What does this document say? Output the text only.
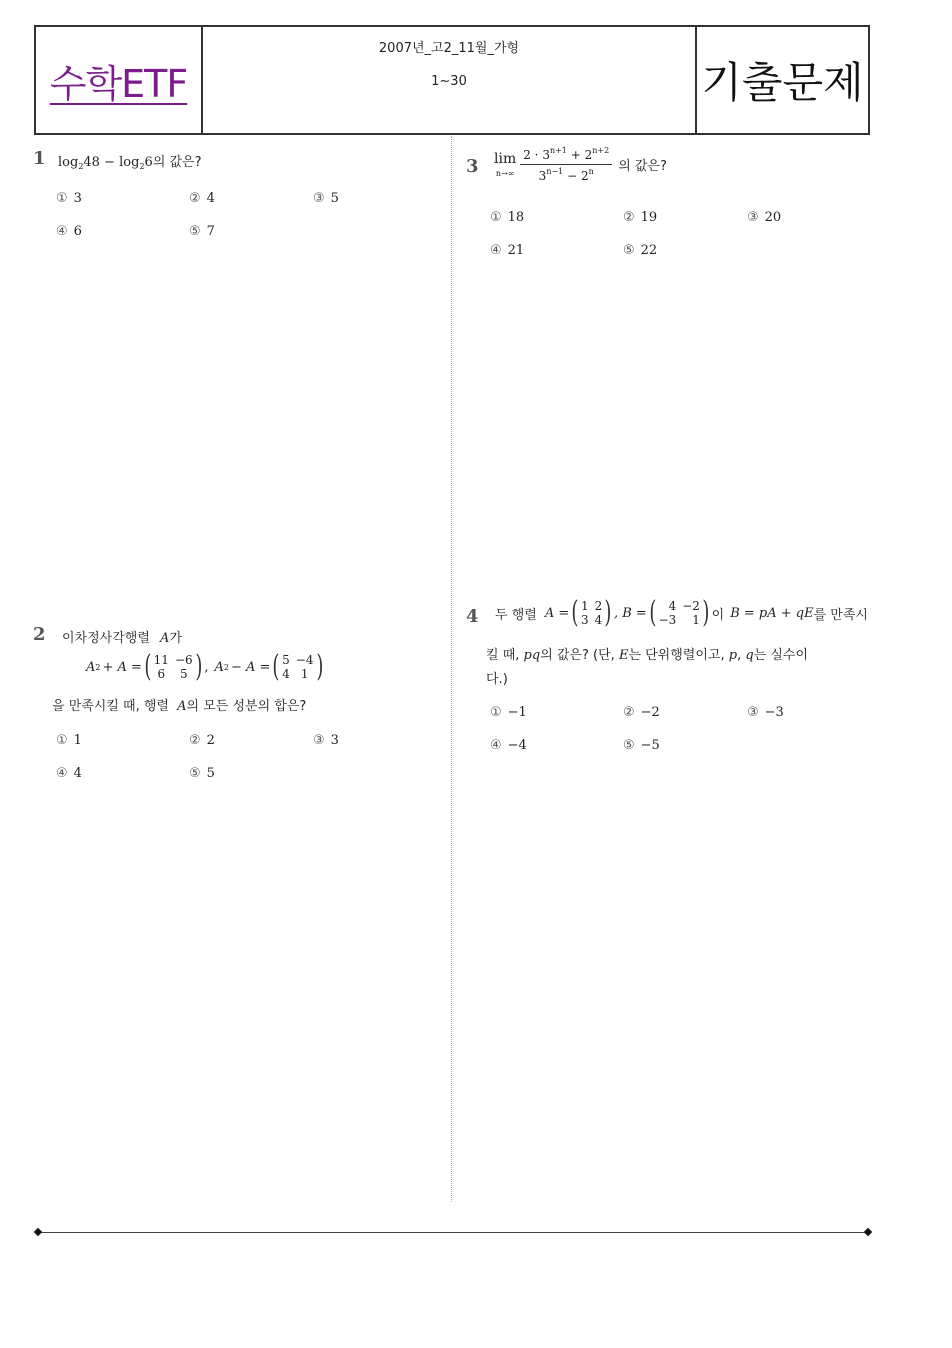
수학ETF
2007년_고2_11월_가형
1~30	기출문제
1 $\log_248 - \log_26$의 값은?
① 3	② 4	③ 5
④ 6	⑤ 7
3 lim
$n\to\infty \frac{2 \cdot 3^{n+1} + 2^{n+2}}{3^{n-1} - 2^n}$ 의 값은?
① 18	② 19	③ 20
④ 21	⑤ 22
4 두 행렬 A = ( 1 2
3 4 ) , B = (	4 −2
−3	1 ) 이 B = pA + qE 를 만족시
킬 때, pq의 값은? (단, E는 단위행렬이고, p, q는 실수이
다.)
① −1	② −2	③ −3
④ −4	⑤ −5
2 이차정사각행렬 A가
A 2 + A = ( 11 −6
6	5 ) , A 2 − A = ( 5 −4
4 1 )
을 만족시킬 때, 행렬 A의 모든 성분의 합은?
① 1	② 2	③ 3
④ 4	⑤ 5
